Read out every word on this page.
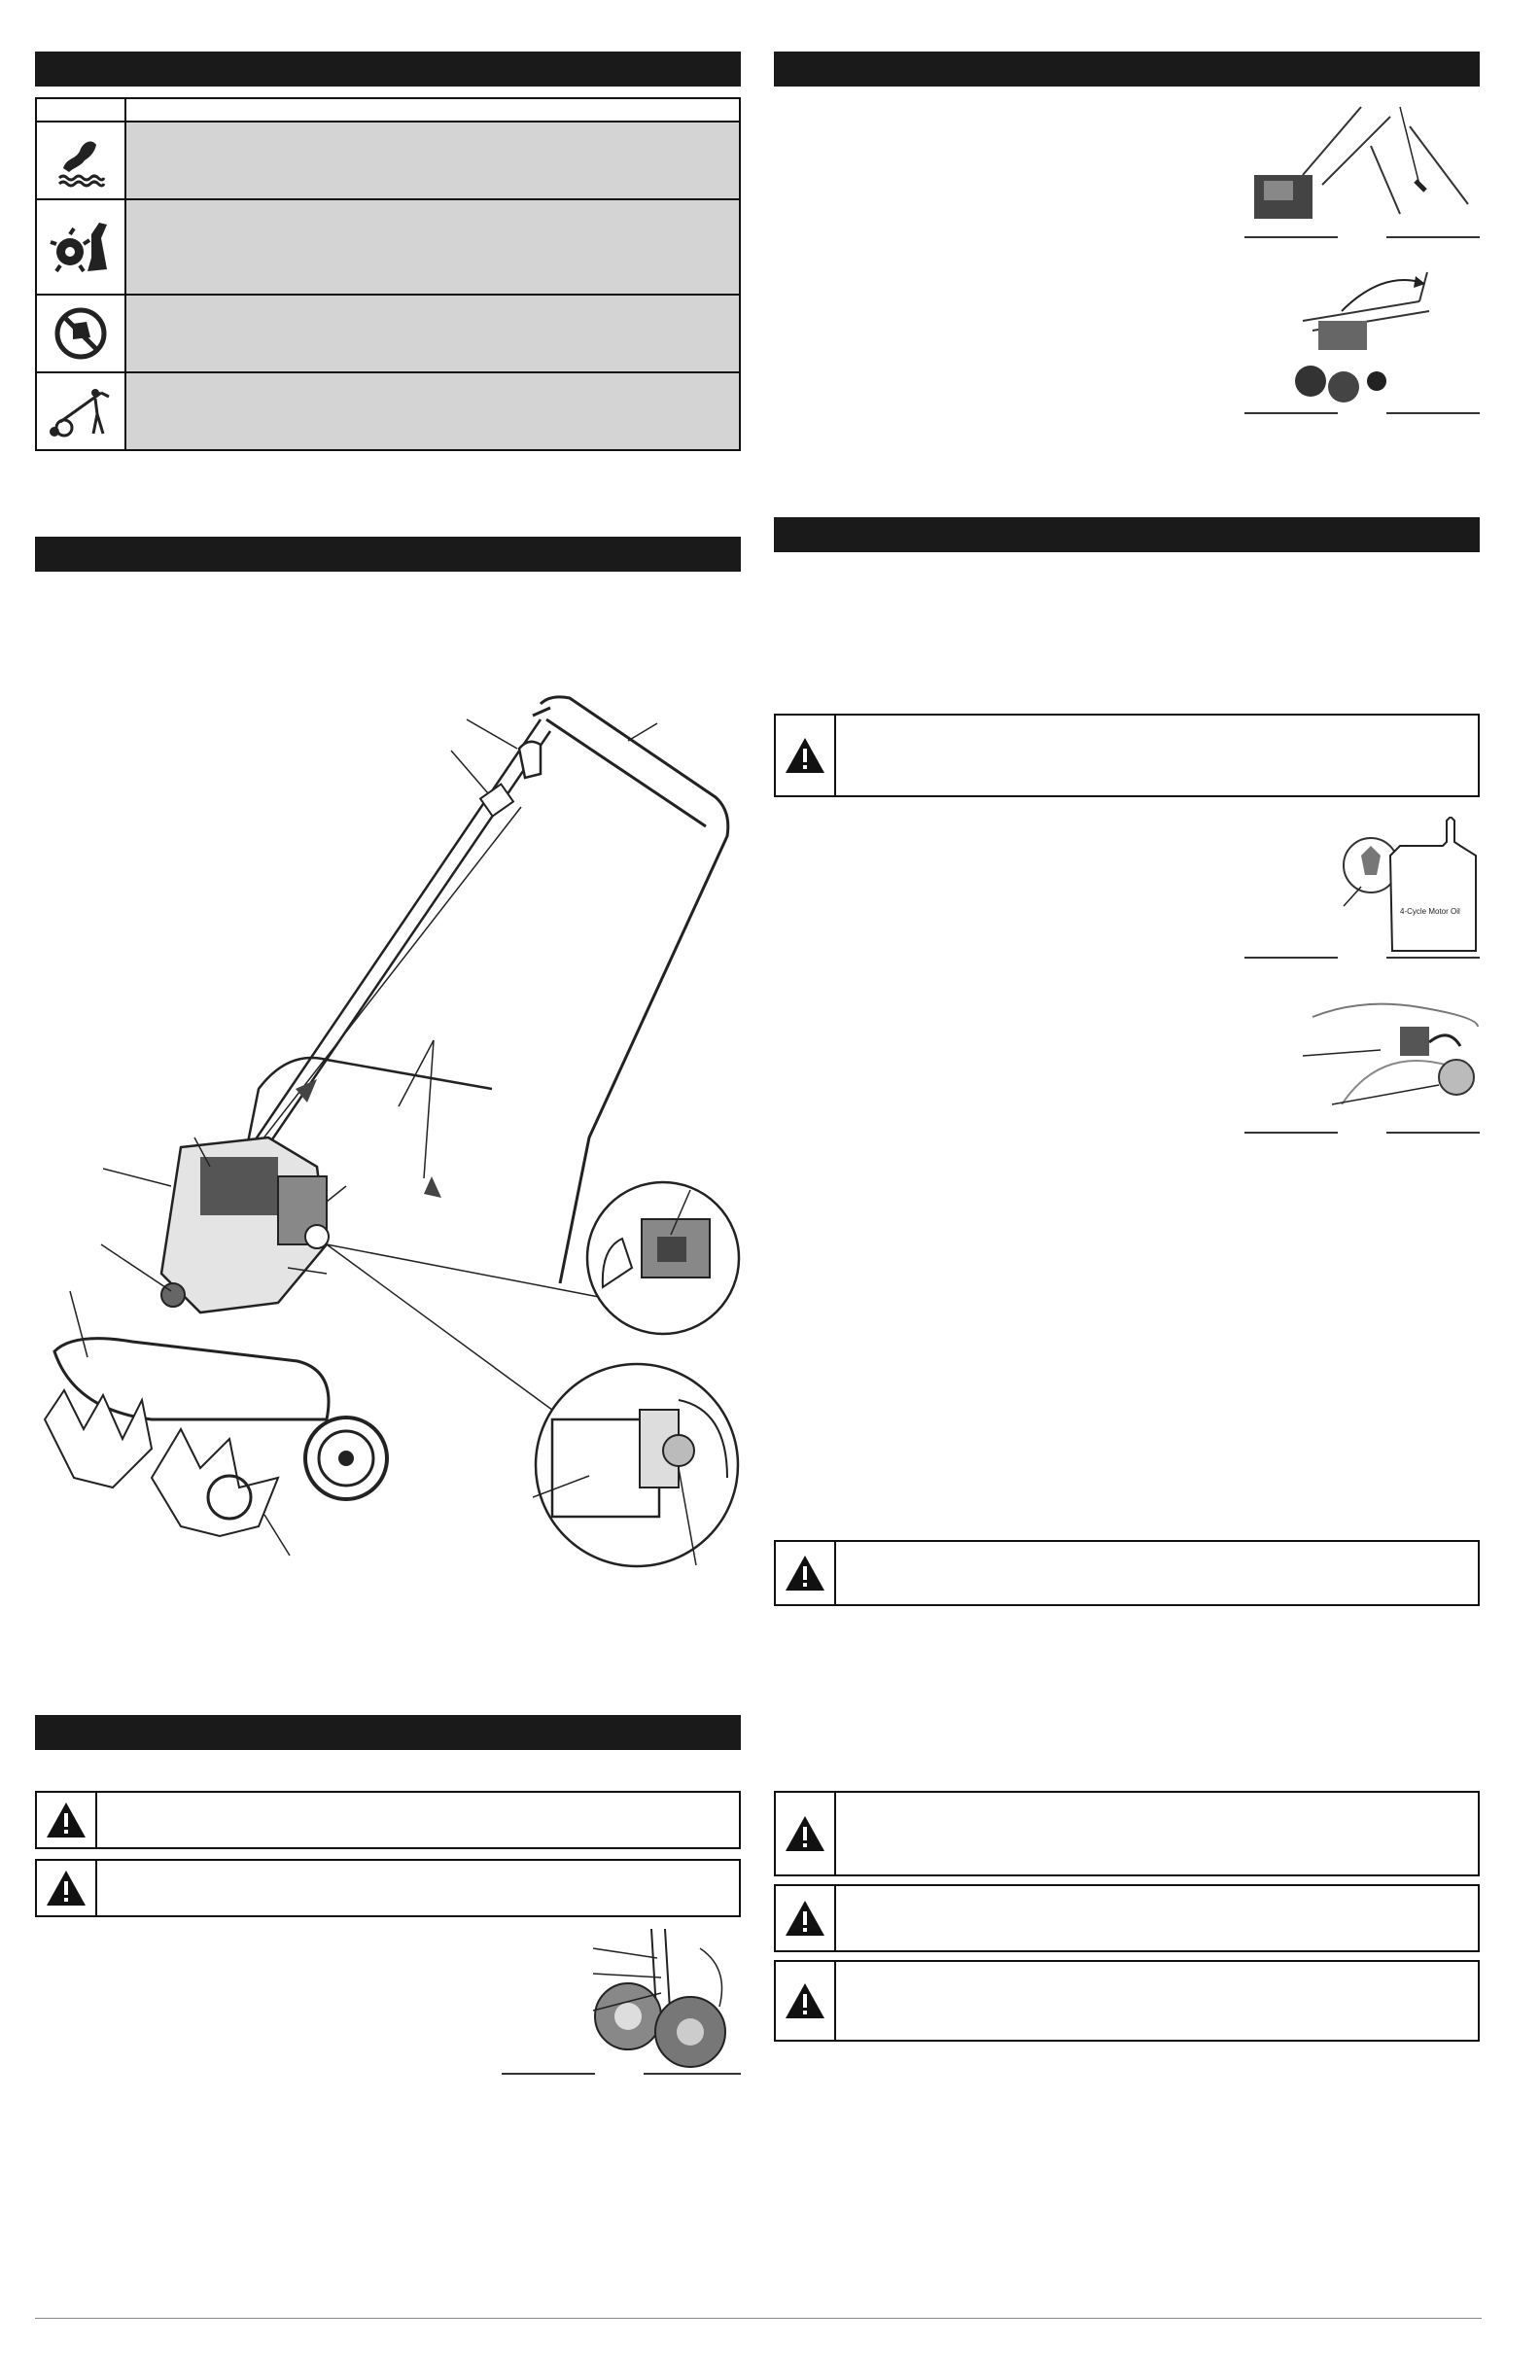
4-Cycle Motor Oil
